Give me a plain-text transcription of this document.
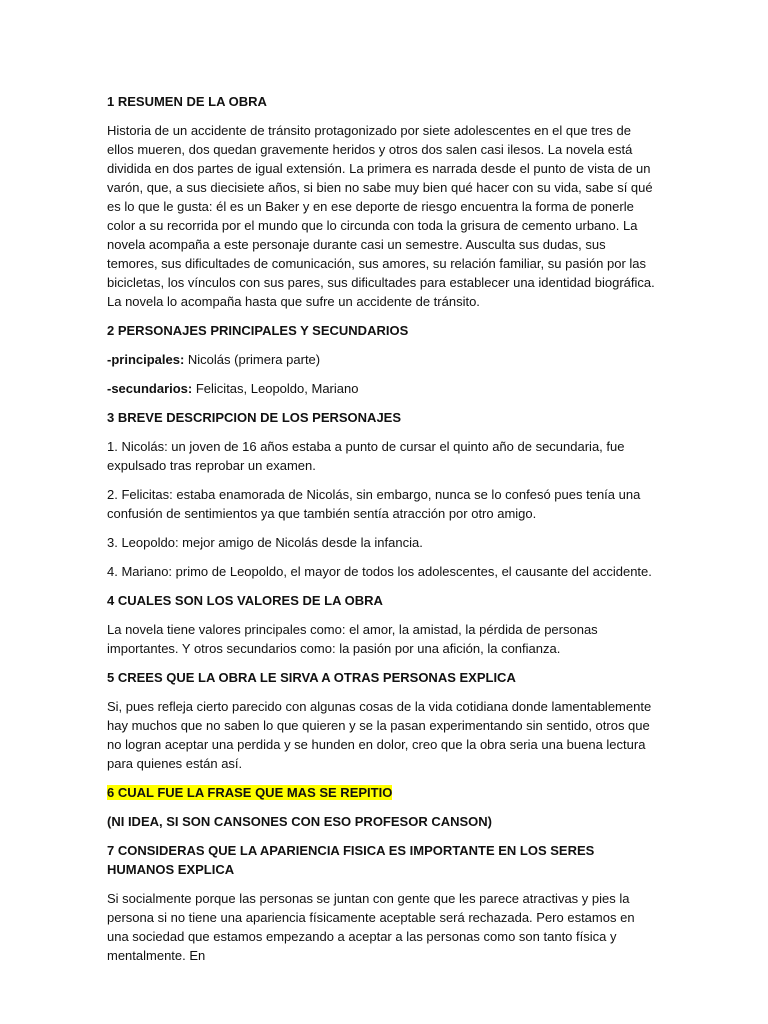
1 RESUMEN DE LA OBRA

Historia de un accidente de tránsito protagonizado por siete adolescentes en el que tres de ellos mueren, dos quedan gravemente heridos y otros dos salen casi ilesos. La novela está dividida en dos partes de igual extensión. La primera es narrada desde el punto de vista de un varón, que, a sus diecisiete años, si bien no sabe muy bien qué hacer con su vida, sabe sí qué es lo que le gusta: él es un Baker y en ese deporte de riesgo encuentra la forma de ponerle color a su recorrida por el mundo que lo circunda con toda la grisura de cemento urbano. La novela acompaña a este personaje durante casi un semestre. Ausculta sus dudas, sus temores, sus dificultades de comunicación, sus amores, su relación familiar, su pasión por las bicicletas, los vínculos con sus pares, sus dificultades para establecer una identidad biográfica. La novela lo acompaña hasta que sufre un accidente de tránsito.

2 PERSONAJES PRINCIPALES Y SECUNDARIOS

-principales: Nicolás (primera parte)

-secundarios: Felicitas, Leopoldo, Mariano

3 BREVE DESCRIPCION DE LOS PERSONAJES

1. Nicolás: un joven de 16 años estaba a punto de cursar el quinto año de secundaria, fue expulsado tras reprobar un examen.

2. Felicitas: estaba enamorada de Nicolás, sin embargo, nunca se lo confesó pues tenía una confusión de sentimientos ya que también sentía atracción por otro amigo.

3. Leopoldo: mejor amigo de Nicolás desde la infancia.

4. Mariano: primo de Leopoldo, el mayor de todos los adolescentes, el causante del accidente.

4 CUALES SON LOS VALORES DE LA OBRA

La novela tiene valores principales como: el amor, la amistad, la pérdida de personas importantes. Y otros secundarios como: la pasión por una afición, la confianza.

5 CREES QUE LA OBRA LE SIRVA A OTRAS PERSONAS EXPLICA

Si, pues refleja cierto parecido con algunas cosas de la vida cotidiana donde lamentablemente hay muchos que no saben lo que quieren y se la pasan experimentando sin sentido, otros que no logran aceptar una perdida y se hunden en dolor, creo que la obra seria una buena lectura para quienes están así.

6 CUAL FUE LA FRASE QUE MAS SE REPITIO
(NI IDEA, SI SON CANSONES CON ESO PROFESOR CANSON)
7 CONSIDERAS QUE LA APARIENCIA FISICA ES IMPORTANTE EN LOS SERES HUMANOS EXPLICA

Si socialmente porque las personas se juntan con gente que les parece atractivas y pies la persona si no tiene una apariencia físicamente aceptable será rechazada. Pero estamos en una sociedad que estamos empezando a aceptar a las personas como son tanto física y mentalmente. En
